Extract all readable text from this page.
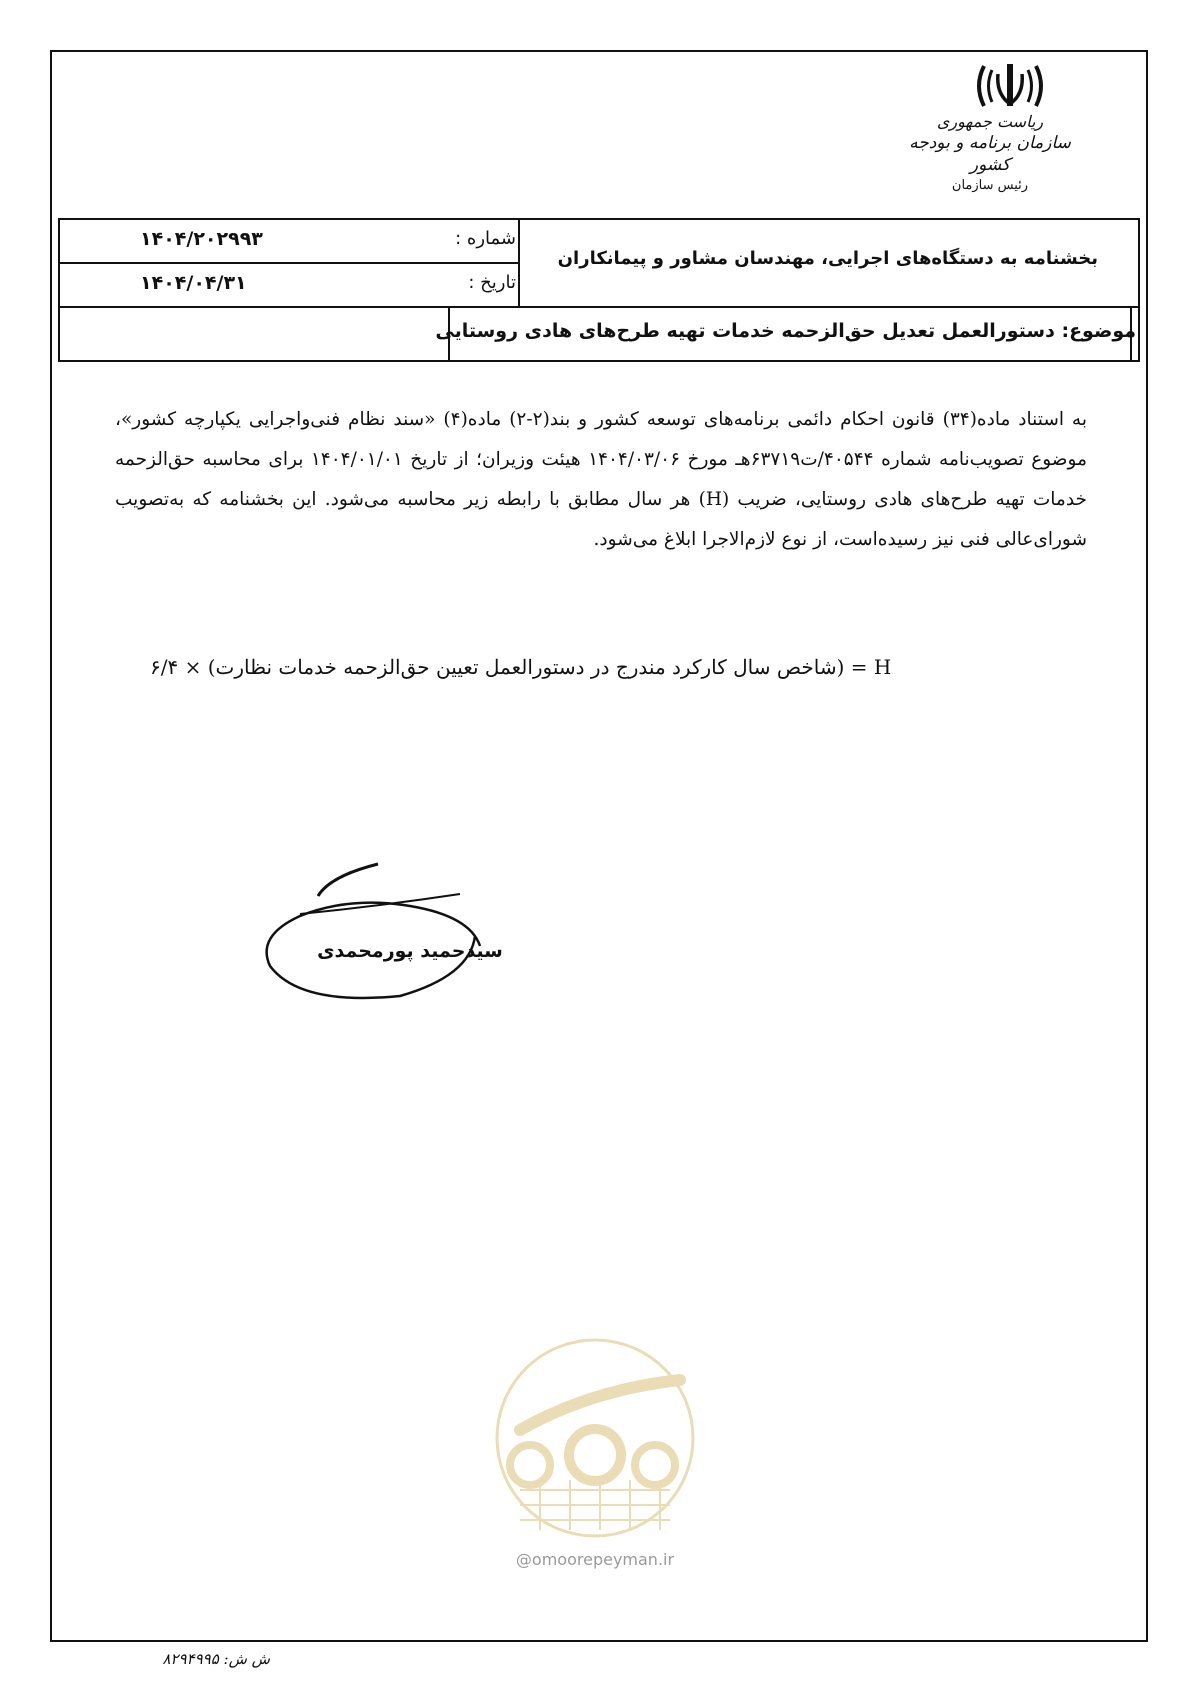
ریاست جمهوری
سازمان برنامه و بودجه کشور
رئیس سازمان
شماره :
۱۴۰۴/۲۰۲۹۹۳
تاریخ :
۱۴۰۴/۰۴/۳۱
بخشنامه به دستگاه‌های اجرایی، مهندسان مشاور و پیمانکاران
موضوع: دستورالعمل تعدیل حق‌الزحمه خدمات تهیه طرح‌های هادی روستایی
به استناد ماده(۳۴) قانون احکام دائمی برنامه‌های توسعه کشور و بند(۲-۲) ماده(۴) «سند نظام فنی‌واجرایی یکپارچه کشور»، موضوع تصویب‌نامه شماره ۴۰۵۴۴/ت۶۳۷۱۹هـ مورخ ۱۴۰۴/۰۳/۰۶ هیئت وزیران؛ از تاریخ ۱۴۰۴/۰۱/۰۱ برای محاسبه حق‌الزحمه خدمات تهیه طرح‌های هادی روستایی، ضریب (H) هر سال مطابق با رابطه زیر محاسبه می‌شود. این بخشنامه که به‌تصویب شورای‌عالی فنی نیز رسیده‌است، از نوع لازم‌الاجرا ابلاغ می‌شود.
H = (شاخص سال کارکرد مندرج در دستورالعمل تعیین حق‌الزحمه خدمات نظارت) × ۶/۴
سیدحمید پورمحمدی
@omoorepeyman.ir
ش ش: ۸۲۹۴۹۹۵
